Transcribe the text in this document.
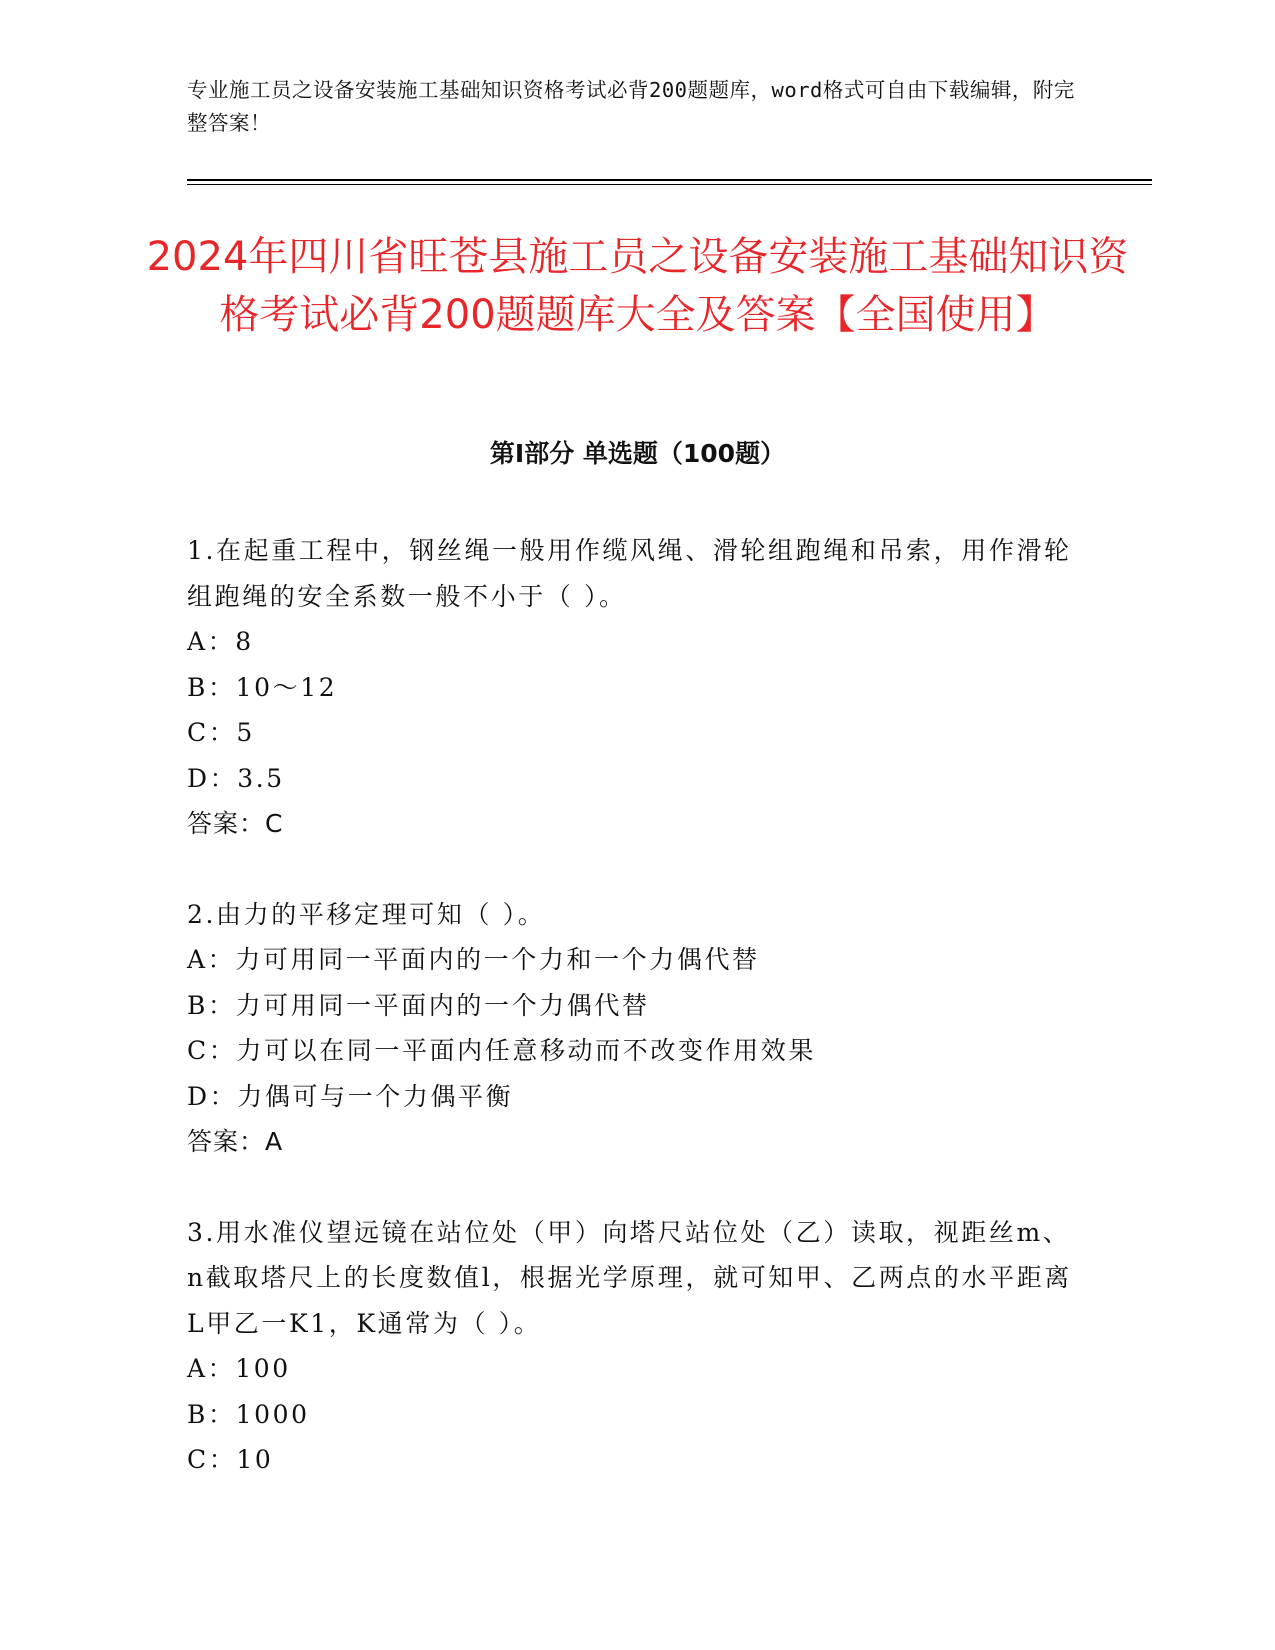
专业施工员之设备安装施工基础知识资格考试必背200题题库，word格式可自由下载编辑，附完整答案！
2024年四川省旺苍县施工员之设备安装施工基础知识资格考试必背200题题库大全及答案【全国使用】
第Ⅰ部分 单选题（100题）

1.在起重工程中，钢丝绳一般用作缆风绳、滑轮组跑绳和吊索，用作滑轮组跑绳的安全系数一般不小于（ ）。

A：8

B：10～12

C：5

D：3.5

答案：C

2.由力的平移定理可知（ ）。

A：力可用同一平面内的一个力和一个力偶代替

B：力可用同一平面内的一个力偶代替

C：力可以在同一平面内任意移动而不改变作用效果

D：力偶可与一个力偶平衡

答案：A

3.用水准仪望远镜在站位处（甲）向塔尺站位处（乙）读取，视距丝m、n截取塔尺上的长度数值l，根据光学原理，就可知甲、乙两点的水平距离L甲乙一K1，K通常为（ ）。

A：100

B：1000

C：10
